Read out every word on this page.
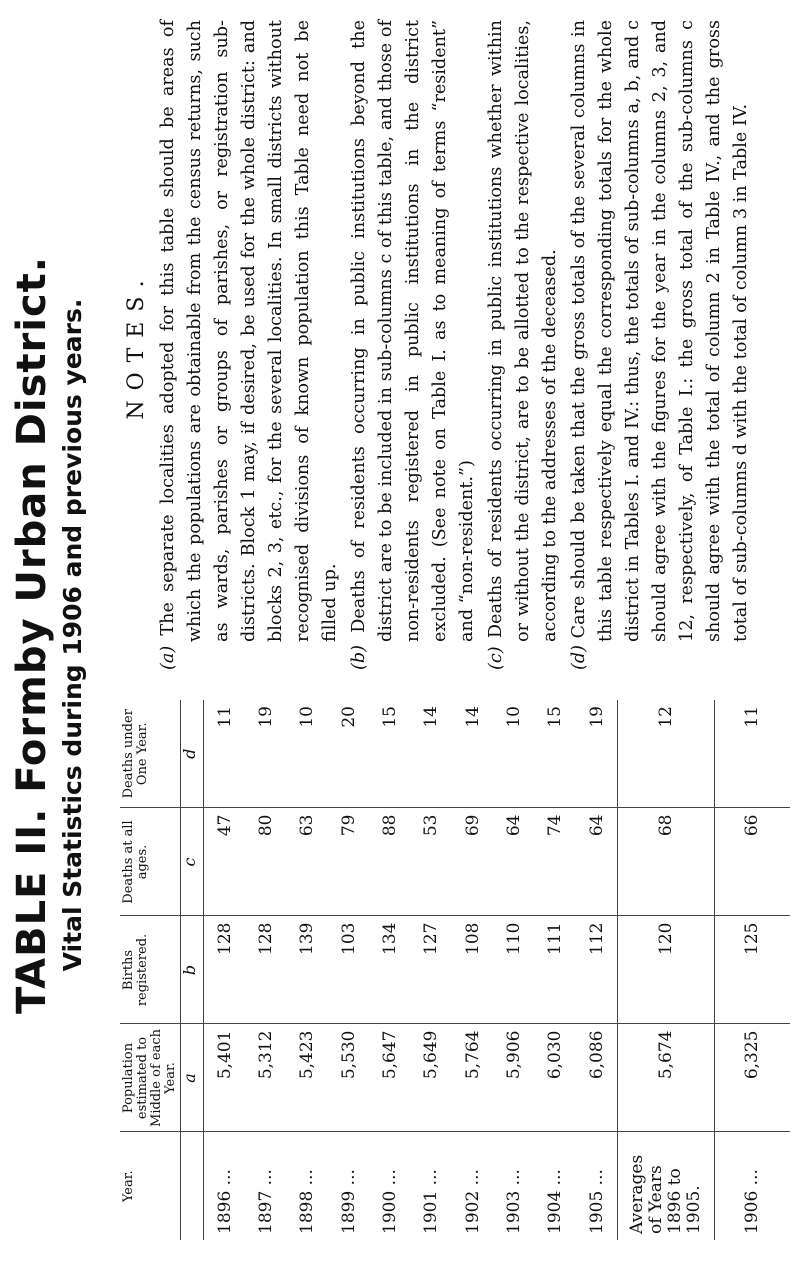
TABLE II. Formby Urban District. Vital Statistics during 1906 and previous years.
Year.	Population estimated to Middle of each Year.	Births registered.	Deaths at all ages.	Deaths under One Year.
	a	b	c	d
1896 ...	5,401	128	47	11
1897 ...	5,312	128	80	19
1898 ...	5,423	139	63	10
1899 ...	5,530	103	79	20
1900 ...	5,647	134	88	15
1901 ...	5,649	127	53	14
1902 ...	5,764	108	69	14
1903 ...	5,906	110	64	10
1904 ...	6,030	111	74	15
1905 ...	6,086	112	64	19
Averages
of Years
1896 to
1905.	5,674	120	68	12
1906 ...	6,325	125	66	11
NOTES.

(a) The separate localities adopted for this table should be areas of which the populations are obtainable from the census returns, such as wards, parishes or groups of parishes, or registration sub-districts. Block 1 may, if desired, be used for the whole district: and blocks 2, 3, etc., for the several localities. In small districts without recognised divisions of known population this Table need not be filled up.

(b) Deaths of residents occurring in public institutions beyond the district are to be included in sub-columns c of this table, and those of non-residents registered in public institutions in the district excluded. (See note on Table I. as to meaning of terms “resident” and “non-resident.”)

(c) Deaths of residents occurring in public institutions whether within or without the district, are to be allotted to the respective localities, according to the addresses of the deceased.

(d) Care should be taken that the gross totals of the several columns in this table respectively equal the corresponding totals for the whole district in Tables I. and IV.: thus, the totals of sub-columns a, b, and c should agree with the figures for the year in the columns 2, 3, and 12, respectively, of Table I.: the gross total of the sub-columns c should agree with the total of column 2 in Table IV., and the gross total of sub-columns d with the total of column 3 in Table IV.
